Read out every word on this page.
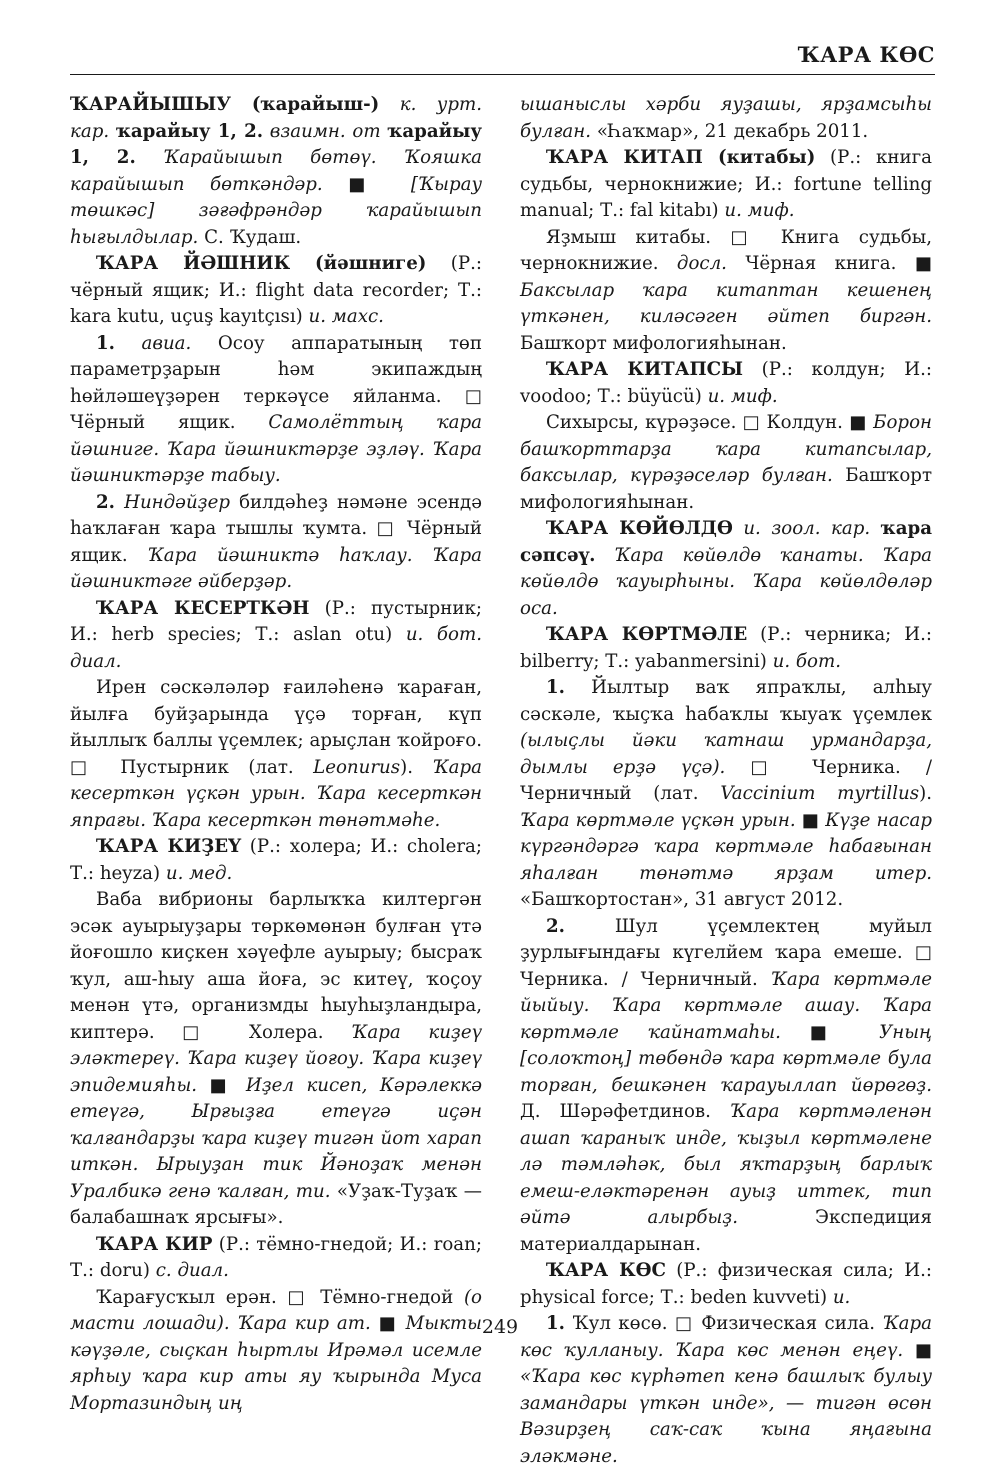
ҠАРА КӨС

ҠАРАЙЫШЫУ (ҡарайыш-) к. урт. кар. ҡарайыу 1, 2. взаимн. от ҡарайыу 1, 2. Ҡарайышып бөтөү. Ҡояшка карайышып бөткәндәр. ■ [Ҡырау төшкәс] зәғәфрәндәр ҡарайышып һығылдылар. С. Ҡудаш.

ҠАРА ЙӘШНИК (йәшниге) (Р.: чёрный ящик; И.: flight data recorder; Т.: kara kutu, uçuş kayıtçısı) и. махс.

1. авиа. Осоу аппаратының төп параметрҙарын һәм экипаждың һөйләшеүҙәрен теркәүсе яйланма. □ Чёрный ящик. Самолёттың ҡара йәшниге. Ҡара йәшниктәрҙе эҙләү. Ҡара йәшниктәрҙе табыу.

2. Ниндәйҙер билдәһеҙ нәмәне эсендә һаҡлаған ҡара тышлы ҡумта. □ Чёрный ящик. Ҡара йәшниктә һаҡлау. Ҡара йәшниктәге әйберҙәр.

ҠАРА КЕСЕРТКӘН (Р.: пустырник; И.: herb species; Т.: aslan otu) и. бот. диал.

Ирен сәскәләләр ғаиләһенә ҡараған, йылға буйҙарында үҫә торған, күп йыллыҡ баллы үҫемлек; арыҫлан ҡойроғо. □ Пустырник (лат. Leonurus). Ҡара кесерткән үҫкән урын. Ҡара кесерткән япрағы. Ҡара кесерткән төнәтмәһе.

ҠАРА КИҘЕҮ (Р.: холера; И.: cholera; Т.: heyza) и. мед.

Ваба вибрионы барлыҡҡа килтергән эсәк ауырыуҙары төркөмөнән булған үтә йоғошло киҫкен хәүефле ауырыу; бысраҡ ҡул, аш-һыу аша йоға, эс китеү, ҡоҫоу менән үтә, организмды һыуһыҙландыра, киптерә. □ Холера. Ҡара киҙеү эләктереү. Ҡара киҙеү йоғоу. Ҡара киҙеү эпидемияһы. ■ Иҙел кисеп, Кәрәлеккә етеүгә, Ырғыҙға етеүгә иҫән ҡалғандарҙы ҡара киҙеү тигән йот харап иткән. Ырыуҙан тик Йәноҙаҡ менән Уралбикә генә ҡалған, ти. «Уҙаҡ-Туҙаҡ — балабашнаҡ ярсығы».

ҠАРА КИР (Р.: тёмно-гнедой; И.: roan; Т.: doru) с. диал.

Ҡарағусҡыл ерән. □ Тёмно-гнедой (о масти лошади). Ҡара кир ат. ■ Мыкты кәүҙәле, сыҫкан һыртлы Ирәмәл исемле ярһыу ҡара кир аты яу ҡырында Муса Мортазиндың иң

ышаныслы хәрби яуҙашы, ярҙамсыһы булған. «Һаҡмар», 21 декабрь 2011.

ҠАРА КИТАП (китабы) (Р.: книга судьбы, чернокнижие; И.: fortune telling manual; Т.: fal kitabı) и. миф.

Яҙмыш китабы. □ Книга судьбы, чернокнижие. досл. Чёрная книга. ■ Баксылар ҡара китаптан кешенең үткәнен, киләсәген әйтеп биргән. Башҡорт мифологияһынан.

ҠАРА КИТАПСЫ (Р.: колдун; И.: voodoo; Т.: büyücü) и. миф.

Сихырсы, күрәҙәсе. □ Колдун. ■ Борон башҡорттарҙа ҡара китапсылар, баксылар, күрәҙәселәр булған. Башҡорт мифологияһынан.

ҠАРА КӨЙӨЛДӨ и. зоол. кар. ҡара сәпсәү. Ҡара көйөлдө ҡанаты. Ҡара көйөлдө ҡауырһыны. Ҡара көйөлдөләр оса.

ҠАРА КӨРТМӘЛЕ (Р.: черника; И.: bilberry; Т.: yabanmersini) и. бот.

1. Йылтыр ваҡ япраҡлы, алһыу сәскәле, ҡыҫҡа һабаҡлы ҡыуаҡ үҫемлек (ылыҫлы йәки ҡатнаш урмандарҙа, дымлы ерҙә үҫә). □ Черника. / Черничный (лат. Vaccinium myrtillus). Ҡара көртмәле үҫкән урын. ■ Күҙе насар күргәндәргә ҡара көртмәле һабағынан яһалған төнәтмә ярҙам итер. «Башҡортостан», 31 август 2012.

2. Шул үҫемлектең муйыл ҙурлығындағы күгелйем ҡара емеше. □ Черника. / Черничный. Ҡара көртмәле йыйыу. Ҡара көртмәле ашау. Ҡара көртмәле ҡайнатмаһы. ■ Уның [солоҡтоң] төбөндә ҡара көртмәле була торған, бешкәнен ҡарауыллап йөрөгөҙ. Д. Шәрәфетдинов. Ҡара көртмәленән ашап ҡараныҡ инде, ҡыҙыл көртмәлене лә тәмләһәк, был яҡтарҙың барлыҡ емеш-еләктәренән ауыҙ иттек, тип әйтә алырбыҙ. Экспедиция материалдарынан.

ҠАРА КӨС (Р.: физическая сила; И.: physical force; Т.: beden kuvveti) и.

1. Ҡул көсө. □ Физическая сила. Ҡара көс ҡулланыу. Ҡара көс менән еңеү. ■ «Ҡара көс күрһәтеп кенә башлыҡ булыу замандары үткән инде», — тигән өсөн Вәзирҙең саҡ-саҡ ҡына яңағына эләкмәне.

249
